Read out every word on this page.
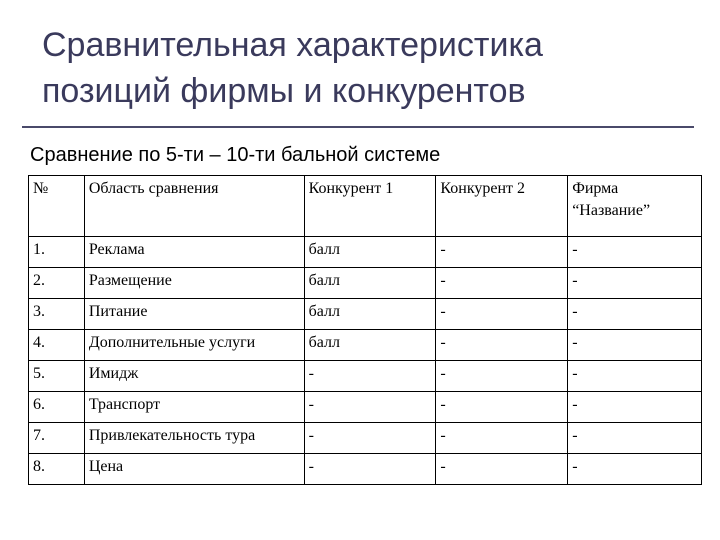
Сравнительная характеристика
позиций фирмы и конкурентов
Сравнение по 5-ти – 10-ти бальной системе
№	Область сравнения	Конкурент 1	Конкурент 2	Фирма
“Название”

1.	Реклама	балл	-	-
2.	Размещение	балл	-	-
3.	Питание	балл	-	-
4.	Дополнительные услуги	балл	-	-
5.	Имидж	-	-	-
6.	Транспорт	-	-	-
7.	Привлекательность тура	-	-	-
8.	Цена	-	-	-
